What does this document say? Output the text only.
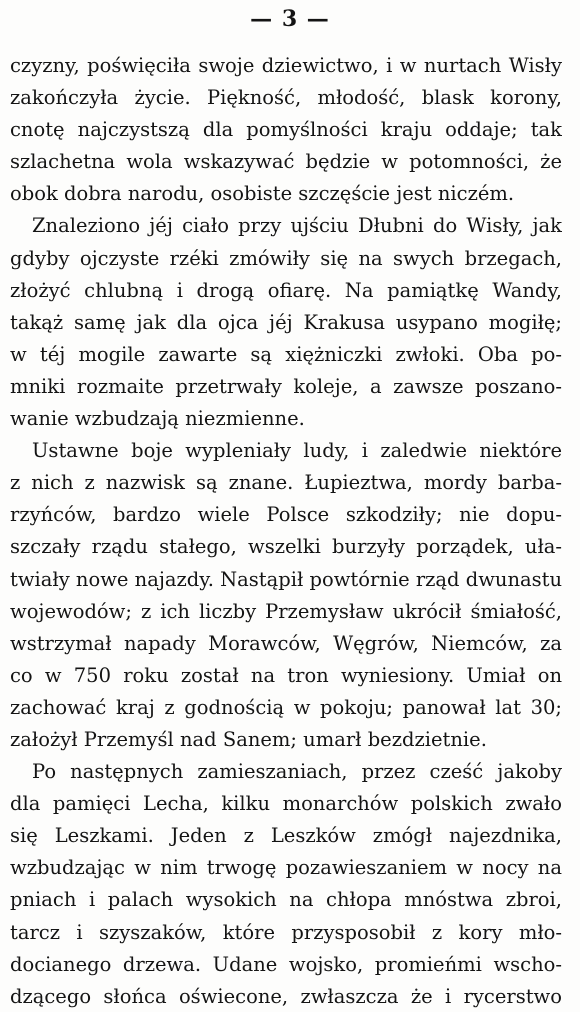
— 3 —
czyzny, poświęciła swoje dziewictwo, i w nurtach Wisły
zakończyła życie. Piękność, młodość, blask korony,
cnotę najczystszą dla pomyślności kraju oddaje; tak
szlachetna wola wskazywać będzie w potomności, że
obok dobra narodu, osobiste szczęście jest niczém.
Znaleziono jéj ciało przy ujściu Dłubni do Wisły, jak
gdyby ojczyste rzéki zmówiły się na swych brzegach,
złożyć chlubną i drogą ofiarę. Na pamiątkę Wandy,
takąż samę jak dla ojca jéj Krakusa usypano mogiłę;
w téj mogile zawarte są xiężniczki zwłoki. Oba po-
mniki rozmaite przetrwały koleje, a zawsze poszano-
wanie wzbudzają niezmienne.
Ustawne boje wypleniały ludy, i zaledwie niektóre
z nich z nazwisk są znane. Łupieztwa, mordy barba-
rzyńców, bardzo wiele Polsce szkodziły; nie dopu-
szczały rządu stałego, wszelki burzyły porządek, uła-
twiały nowe najazdy. Nastąpił powtórnie rząd dwunastu
wojewodów; z ich liczby Przemysław ukrócił śmiałość,
wstrzymał napady Morawców, Węgrów, Niemców, za
co w 750 roku został na tron wyniesiony. Umiał on
zachować kraj z godnością w pokoju; panował lat 30;
założył Przemyśl nad Sanem; umarł bezdzietnie.
Po następnych zamieszaniach, przez cześć jakoby
dla pamięci Lecha, kilku monarchów polskich zwało
się Leszkami. Jeden z Leszków zmógł najezdnika,
wzbudzając w nim trwogę pozawieszaniem w nocy na
pniach i palach wysokich na chłopa mnóstwa zbroi,
tarcz i szyszaków, które przysposobił z kory mło-
docianego drzewa. Udane wojsko, promieńmi wscho-
dzącego słońca oświecone, zwłaszcza że i rycerstwo
